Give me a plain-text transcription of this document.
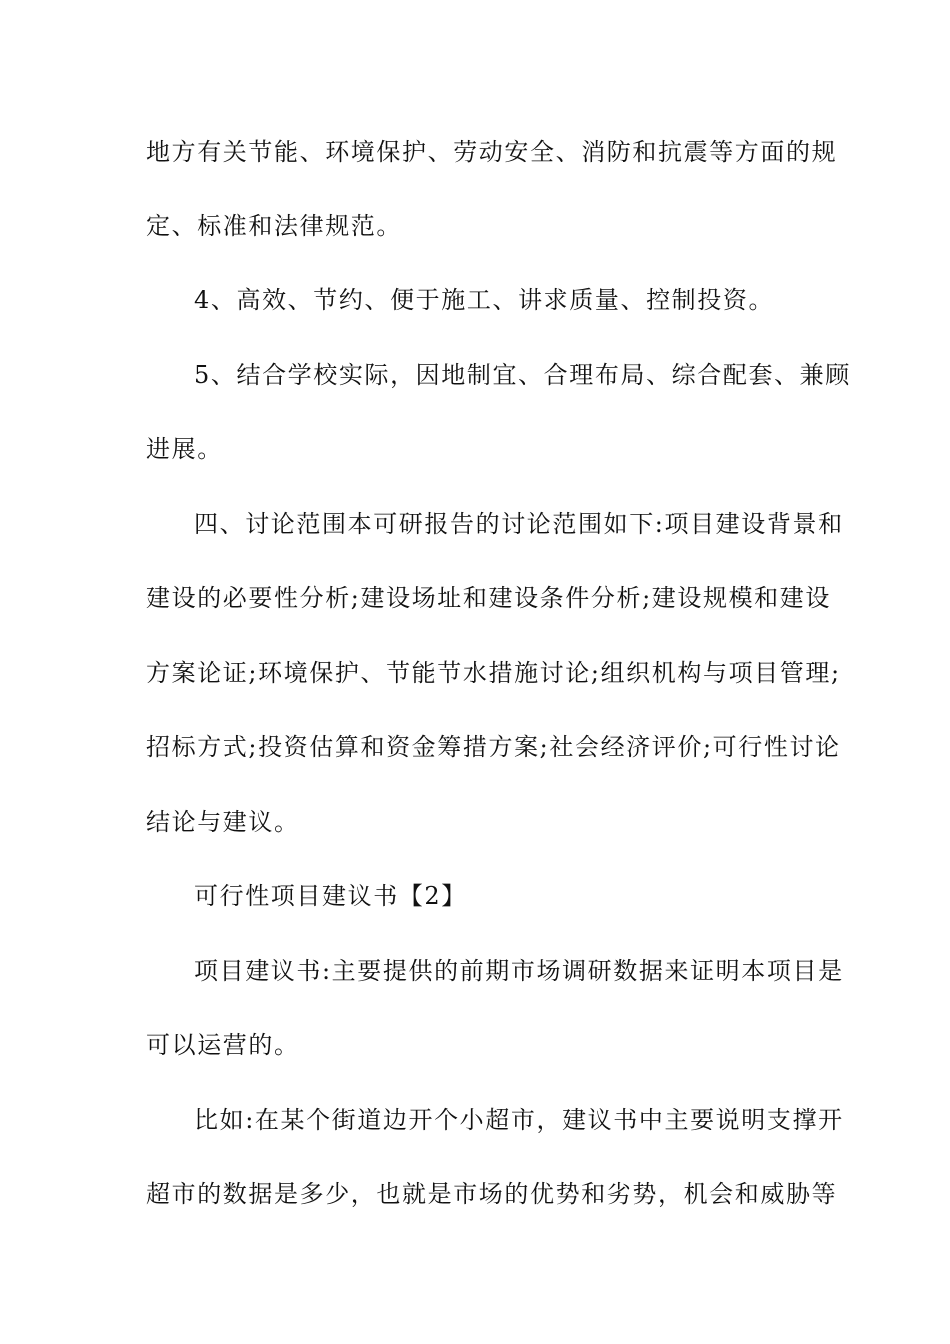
地方有关节能、环境保护、劳动安全、消防和抗震等方面的规
定、标准和法律规范。
4、高效、节约、便于施工、讲求质量、控制投资。
5、结合学校实际，因地制宜、合理布局、综合配套、兼顾
进展。
四、讨论范围本可研报告的讨论范围如下:项目建设背景和
建设的必要性分析;建设场址和建设条件分析;建设规模和建设
方案论证;环境保护、节能节水措施讨论;组织机构与项目管理;
招标方式;投资估算和资金筹措方案;社会经济评价;可行性讨论
结论与建议。
可行性项目建议书【2】
项目建议书:主要提供的前期市场调研数据来证明本项目是
可以运营的。
比如:在某个街道边开个小超市，建议书中主要说明支撑开
超市的数据是多少，也就是市场的优势和劣势，机会和威胁等
